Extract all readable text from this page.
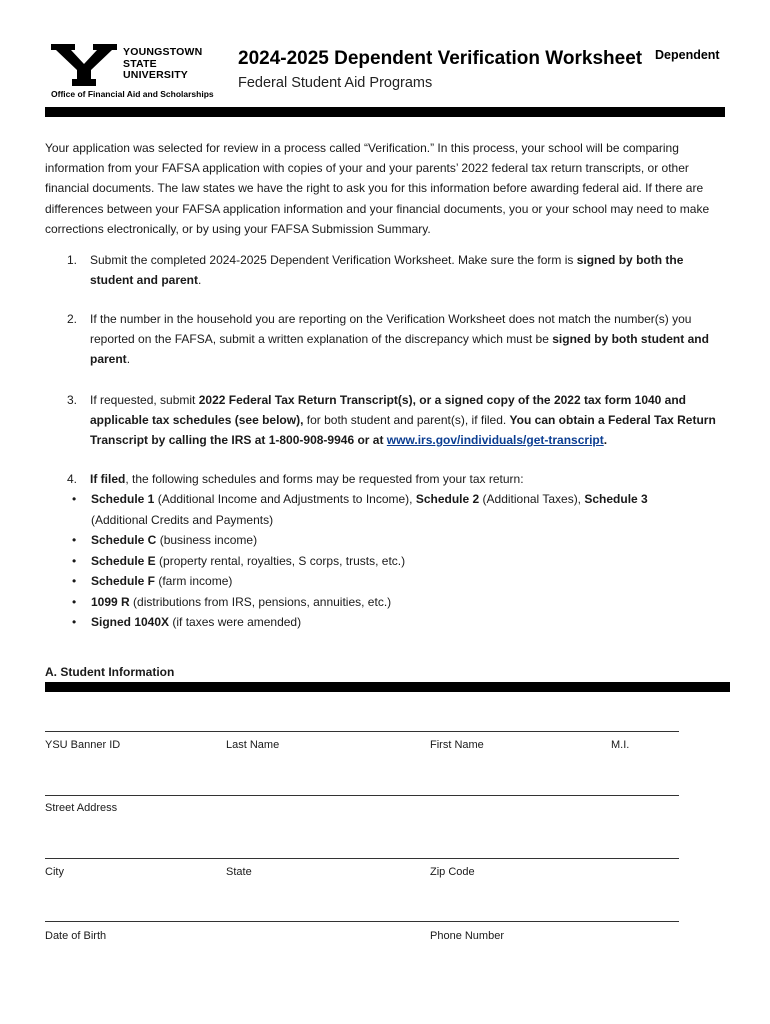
YOUNGSTOWN
STATE
UNIVERSITY
Office of Financial Aid and Scholarships
2024-2025 Dependent Verification Worksheet
Federal Student Aid Programs
Dependent
Your application was selected for review in a process called “Verification.” In this process, your school will be comparing information from your FAFSA application with copies of your and your parents’ 2022 federal tax return transcripts, or other financial documents. The law states we have the right to ask you for this information before awarding federal aid. If there are differences between your FAFSA application information and your financial documents, you or your school may need to make corrections electronically, or by using your FAFSA Submission Summary.
1. Submit the completed 2024-2025 Dependent Verification Worksheet. Make sure the form is signed by both the student and parent.
2. If the number in the household you are reporting on the Verification Worksheet does not match the number(s) you reported on the FAFSA, submit a written explanation of the discrepancy which must be signed by both student and parent.
3. If requested, submit 2022 Federal Tax Return Transcript(s), or a signed copy of the 2022 tax form 1040 and applicable tax schedules (see below), for both student and parent(s), if filed. You can obtain a Federal Tax Return Transcript by calling the IRS at 1-800-908-9946 or at www.irs.gov/individuals/get-transcript.
4. If filed, the following schedules and forms may be requested from your tax return:
• Schedule 1 (Additional Income and Adjustments to Income), Schedule 2 (Additional Taxes), Schedule 3 (Additional Credits and Payments)
• Schedule C (business income)
• Schedule E (property rental, royalties, S corps, trusts, etc.)
• Schedule F (farm income)
• 1099 R (distributions from IRS, pensions, annuities, etc.)
• Signed 1040X (if taxes were amended)
A. Student Information
YSU Banner ID	Last Name	First Name	M.I.
Street Address
City	State	Zip Code
Date of Birth	Phone Number
